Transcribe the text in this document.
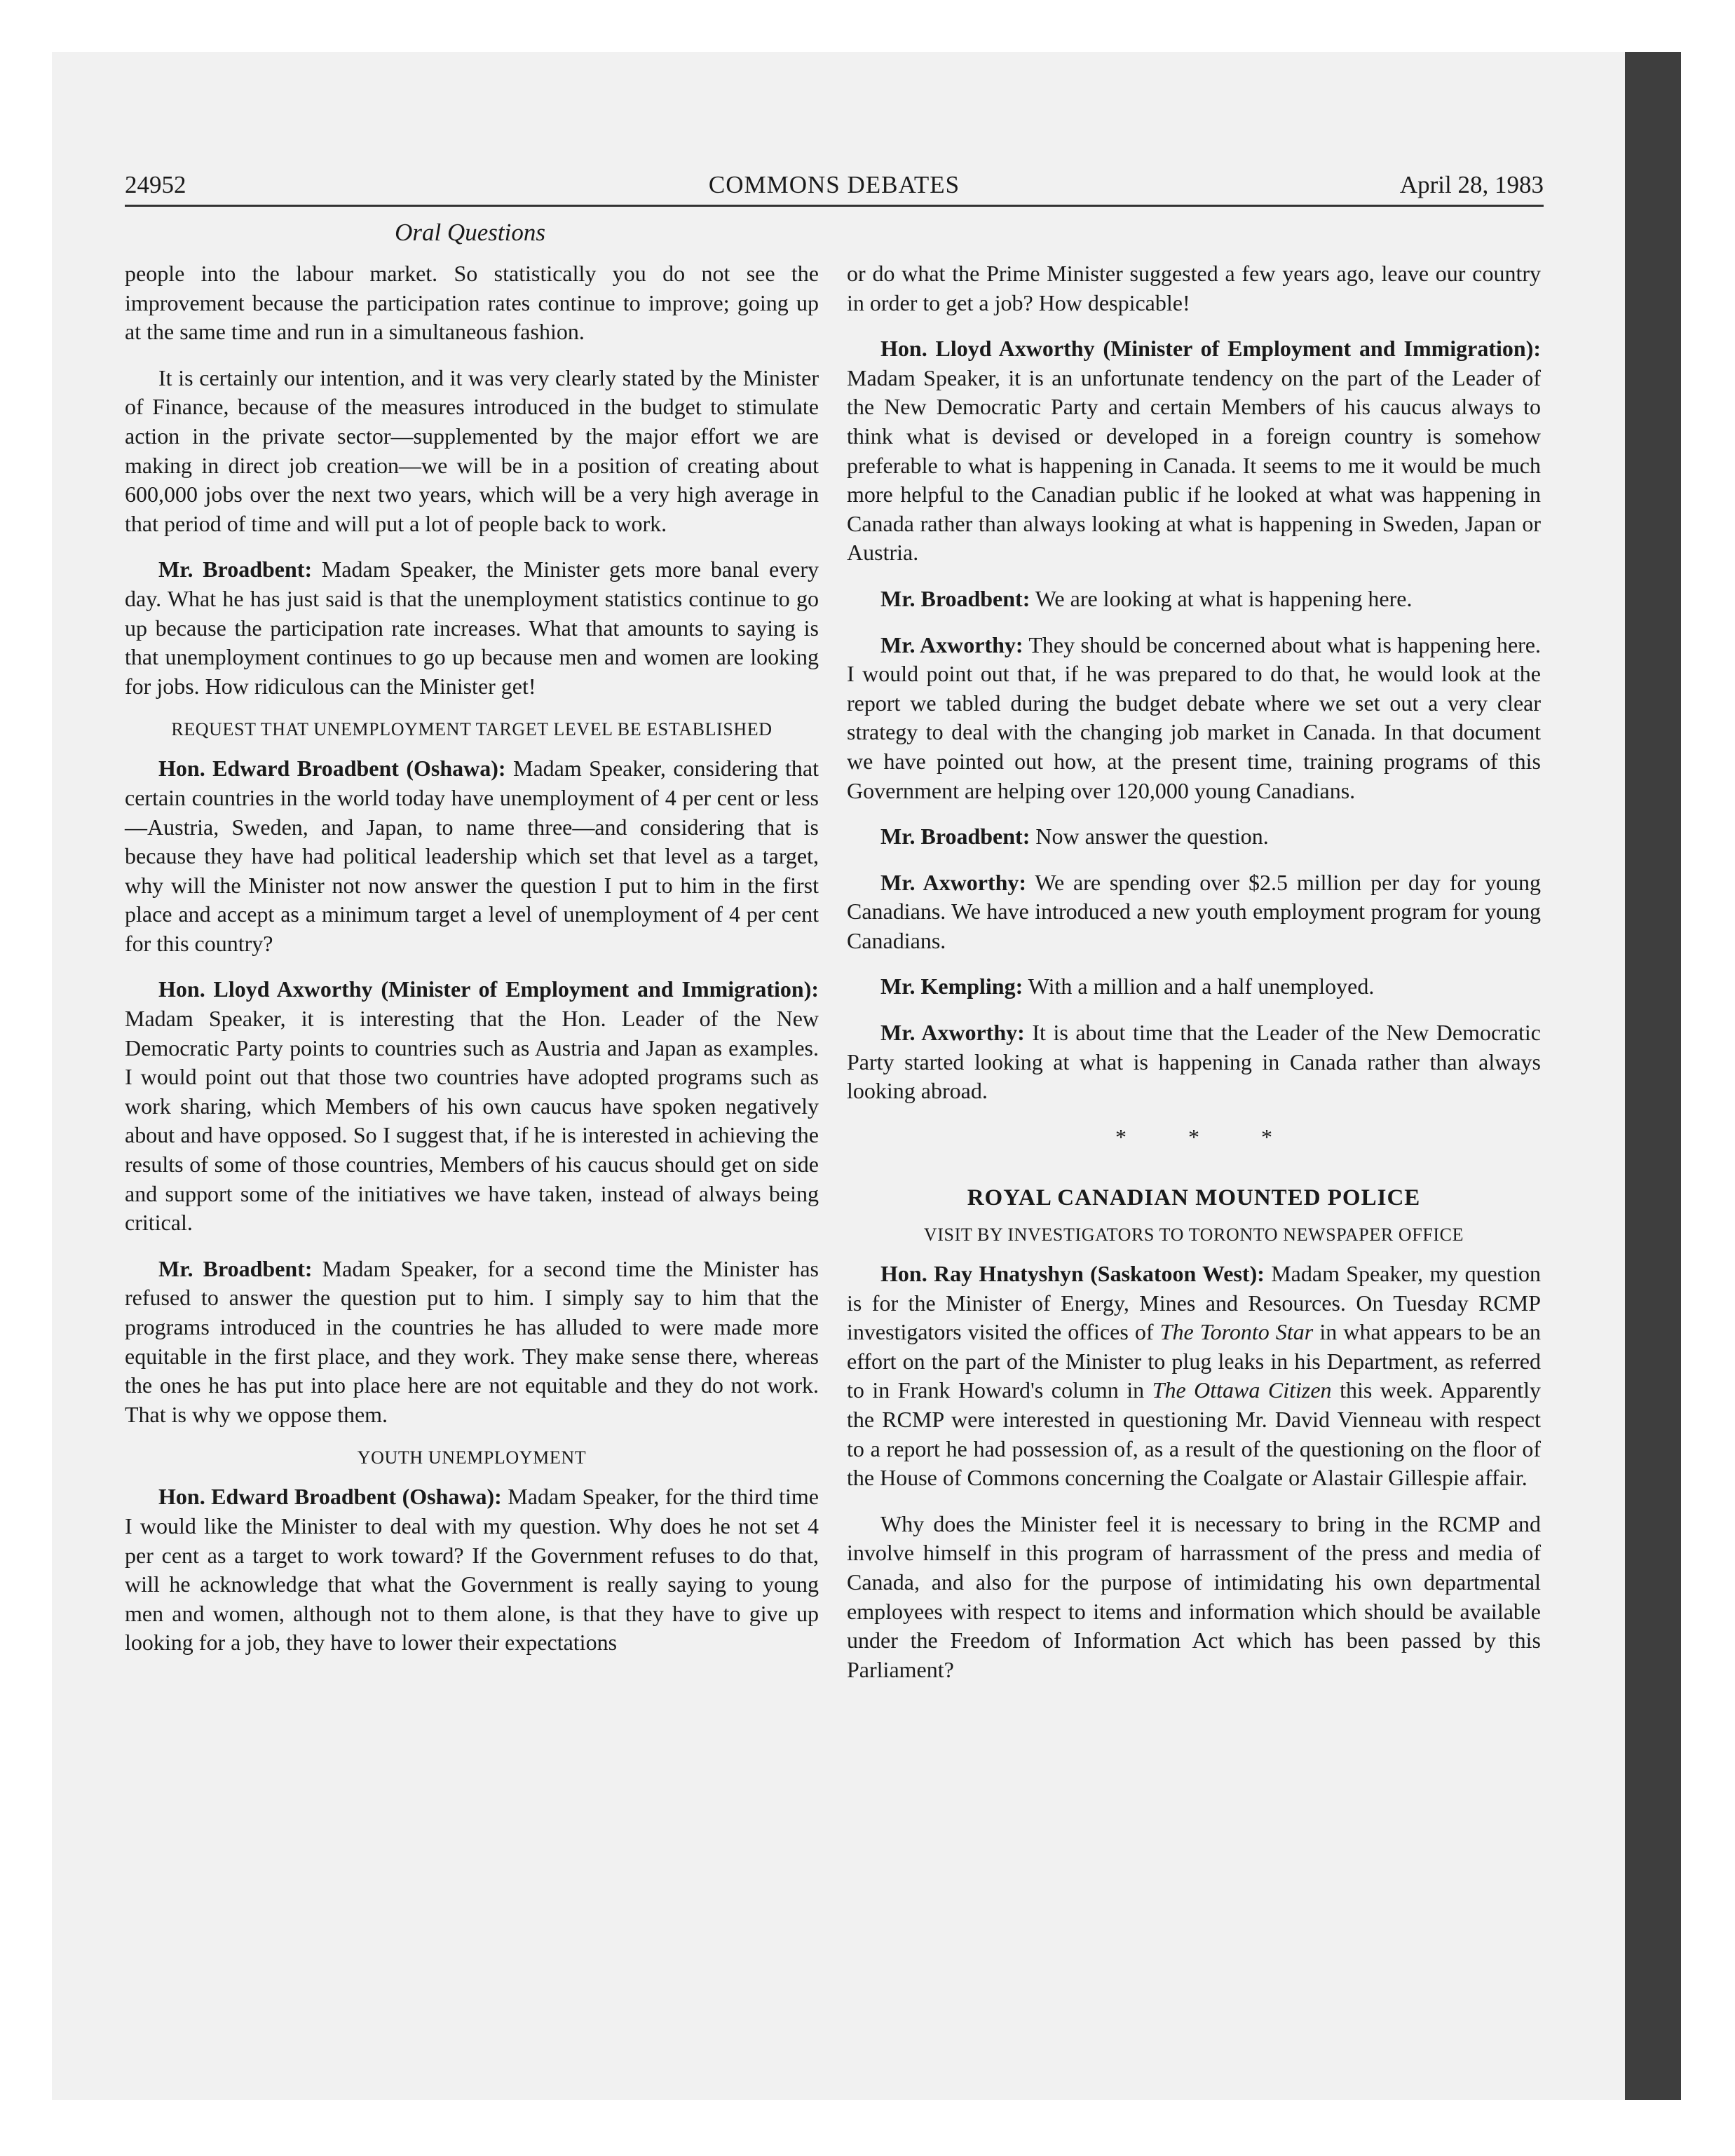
24952	COMMONS DEBATES	April 28, 1983
Oral Questions

people into the labour market. So statistically you do not see the improvement because the participation rates continue to improve; going up at the same time and run in a simultaneous fashion.

It is certainly our intention, and it was very clearly stated by the Minister of Finance, because of the measures introduced in the budget to stimulate action in the private sector—supplemented by the major effort we are making in direct job creation—we will be in a position of creating about 600,000 jobs over the next two years, which will be a very high average in that period of time and will put a lot of people back to work.

Mr. Broadbent: Madam Speaker, the Minister gets more banal every day. What he has just said is that the unemployment statistics continue to go up because the participation rate increases. What that amounts to saying is that unemployment continues to go up because men and women are looking for jobs. How ridiculous can the Minister get!

REQUEST THAT UNEMPLOYMENT TARGET LEVEL BE ESTABLISHED

Hon. Edward Broadbent (Oshawa): Madam Speaker, considering that certain countries in the world today have unemployment of 4 per cent or less—Austria, Sweden, and Japan, to name three—and considering that is because they have had political leadership which set that level as a target, why will the Minister not now answer the question I put to him in the first place and accept as a minimum target a level of unemployment of 4 per cent for this country?

Hon. Lloyd Axworthy (Minister of Employment and Immigration): Madam Speaker, it is interesting that the Hon. Leader of the New Democratic Party points to countries such as Austria and Japan as examples. I would point out that those two countries have adopted programs such as work sharing, which Members of his own caucus have spoken negatively about and have opposed. So I suggest that, if he is interested in achieving the results of some of those countries, Members of his caucus should get on side and support some of the initiatives we have taken, instead of always being critical.

Mr. Broadbent: Madam Speaker, for a second time the Minister has refused to answer the question put to him. I simply say to him that the programs introduced in the countries he has alluded to were made more equitable in the first place, and they work. They make sense there, whereas the ones he has put into place here are not equitable and they do not work. That is why we oppose them.

YOUTH UNEMPLOYMENT

Hon. Edward Broadbent (Oshawa): Madam Speaker, for the third time I would like the Minister to deal with my question. Why does he not set 4 per cent as a target to work toward? If the Government refuses to do that, will he acknowledge that what the Government is really saying to young men and women, although not to them alone, is that they have to give up looking for a job, they have to lower their expectations

or do what the Prime Minister suggested a few years ago, leave our country in order to get a job? How despicable!

Hon. Lloyd Axworthy (Minister of Employment and Immigration): Madam Speaker, it is an unfortunate tendency on the part of the Leader of the New Democratic Party and certain Members of his caucus always to think what is devised or developed in a foreign country is somehow preferable to what is happening in Canada. It seems to me it would be much more helpful to the Canadian public if he looked at what was happening in Canada rather than always looking at what is happening in Sweden, Japan or Austria.

Mr. Broadbent: We are looking at what is happening here.

Mr. Axworthy: They should be concerned about what is happening here. I would point out that, if he was prepared to do that, he would look at the report we tabled during the budget debate where we set out a very clear strategy to deal with the changing job market in Canada. In that document we have pointed out how, at the present time, training programs of this Government are helping over 120,000 young Canadians.

Mr. Broadbent: Now answer the question.

Mr. Axworthy: We are spending over $2.5 million per day for young Canadians. We have introduced a new youth employment program for young Canadians.

Mr. Kempling: With a million and a half unemployed.

Mr. Axworthy: It is about time that the Leader of the New Democratic Party started looking at what is happening in Canada rather than always looking abroad.

* * *
ROYAL CANADIAN MOUNTED POLICE
VISIT BY INVESTIGATORS TO TORONTO NEWSPAPER OFFICE

Hon. Ray Hnatyshyn (Saskatoon West): Madam Speaker, my question is for the Minister of Energy, Mines and Resources. On Tuesday RCMP investigators visited the offices of The Toronto Star in what appears to be an effort on the part of the Minister to plug leaks in his Department, as referred to in Frank Howard's column in The Ottawa Citizen this week. Apparently the RCMP were interested in questioning Mr. David Vienneau with respect to a report he had possession of, as a result of the questioning on the floor of the House of Commons concerning the Coalgate or Alastair Gillespie affair.

Why does the Minister feel it is necessary to bring in the RCMP and involve himself in this program of harrassment of the press and media of Canada, and also for the purpose of intimidating his own departmental employees with respect to items and information which should be available under the Freedom of Information Act which has been passed by this Parliament?
